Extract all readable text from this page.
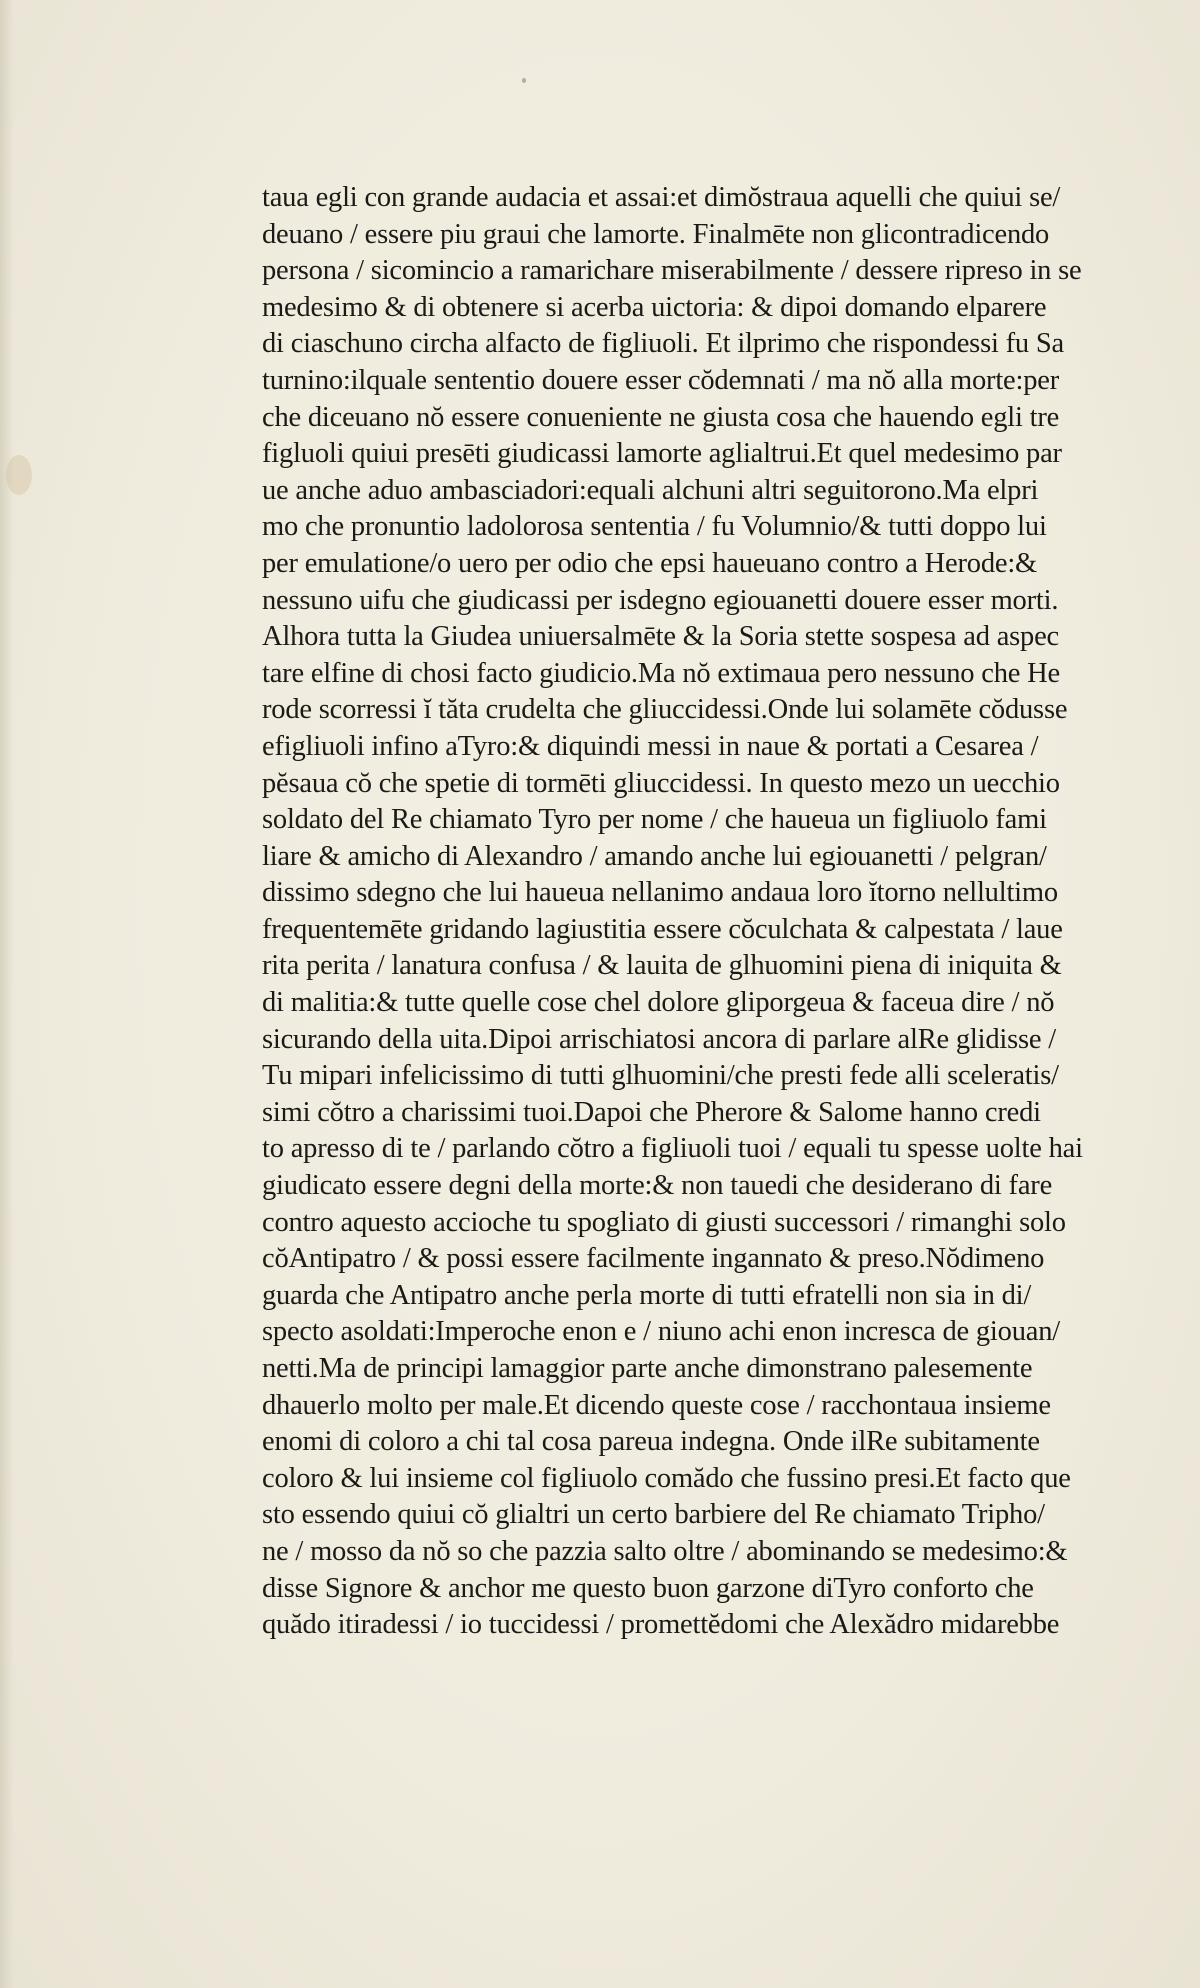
taua egli con grande audacia et assai:et dimŏstraua aquelli che quiui se/
deuano / essere piu graui che lamorte. Finalmēte non glicontradicendo
persona / sicomincio a ramarichare miserabilmente / dessere ripreso in se
medesimo & di obtenere si acerba uictoria: & dipoi domando elparere
di ciaschuno circha alfacto de figliuoli. Et ilprimo che rispondessi fu Sa
turnino:ilquale sententio douere esser cŏdemnati / ma nŏ alla morte:per
che diceuano nŏ essere conueniente ne giusta cosa che hauendo egli tre
figluoli quiui presēti giudicassi lamorte aglialtrui.Et quel medesimo par
ue anche aduo ambasciadori:equali alchuni altri seguitorono.Ma elpri
mo che pronuntio ladolorosa sententia / fu Volumnio/& tutti doppo lui
per emulatione/o uero per odio che epsi haueuano contro a Herode:&
nessuno uifu che giudicassi per isdegno egiouanetti douere esser morti.
Alhora tutta la Giudea uniuersalmēte & la Soria stette sospesa ad aspec
tare elfine di chosi facto giudicio.Ma nŏ extimaua pero nessuno che He
rode scorressi ĭ tăta crudelta che gliuccidessi.Onde lui solamēte cŏdusse
efigliuoli infino aTyro:& diquindi messi in naue & portati a Cesarea /
pĕsaua cŏ che spetie di tormēti gliuccidessi. In questo mezo un uecchio
soldato del Re chiamato Tyro per nome / che haueua un figliuolo fami
liare & amicho di Alexandro / amando anche lui egiouanetti / pelgran/
dissimo sdegno che lui haueua nellanimo andaua loro ĭtorno nellultimo
frequentemēte gridando lagiustitia essere cŏculchata & calpestata / laue
rita perita / lanatura confusa / & lauita de glhuomini piena di iniquita &
di malitia:& tutte quelle cose chel dolore gliporgeua & faceua dire / nŏ
sicurando della uita.Dipoi arrischiatosi ancora di parlare alRe glidisse /
Tu mipari infelicissimo di tutti glhuomini/che presti fede alli sceleratis/
simi cŏtro a charissimi tuoi.Dapoi che Pherore & Salome hanno credi
to apresso di te / parlando cŏtro a figliuoli tuoi / equali tu spesse uolte hai
giudicato essere degni della morte:& non tauedi che desiderano di fare
contro aquesto accioche tu spogliato di giusti successori / rimanghi solo
cŏAntipatro / & possi essere facilmente ingannato & preso.Nŏdimeno
guarda che Antipatro anche perla morte di tutti efratelli non sia in di/
specto asoldati:Imperoche enon e / niuno achi enon incresca de giouan/
netti.Ma de principi lamaggior parte anche dimonstrano palesemente
dhauerlo molto per male.Et dicendo queste cose / racchontaua insieme
enomi di coloro a chi tal cosa pareua indegna. Onde ilRe subitamente
coloro & lui insieme col figliuolo comădo che fussino presi.Et facto que
sto essendo quiui cŏ glialtri un certo barbiere del Re chiamato Tripho/
ne / mosso da nŏ so che pazzia salto oltre / abominando se medesimo:&
disse Signore & anchor me questo buon garzone diTyro conforto che
quădo itiradessi / io tuccidessi / promettĕdomi che Alexădro midarebbe
